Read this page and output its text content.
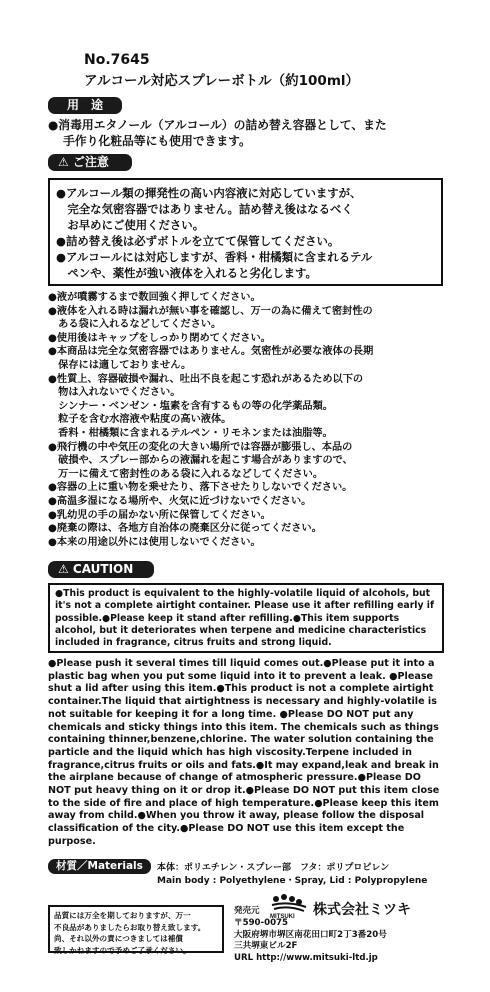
No.7645
アルコール対応スプレーボトル（約100ml）
用　途
●消毒用エタノール（アルコール）の詰め替え容器として、また
手作り化粧品等にも使用できます。
⚠ ご注意
●アルコール類の揮発性の高い内容液に対応していますが、
　完全な気密容器ではありません。詰め替え後はなるべく
　お早めにご使用ください。
●詰め替え後は必ずボトルを立てて保管してください。
●アルコールには対応しますが、香料・柑橘類に含まれるテル
　ペンや、薬性が強い液体を入れると劣化します。
●液が噴霧するまで数回強く押してください。
●液体を入れる時は漏れが無い事を確認し、万一の為に備えて密封性の
　ある袋に入れるなどしてください。
●使用後はキャップをしっかり閉めてください。
●本商品は完全な気密容器ではありません。気密性が必要な液体の長期
　保存には適しておりません。
●性質上、容器破損や漏れ、吐出不良を起こす恐れがあるため以下の
　物は入れないでください。
　シンナー・ベンゼン・塩素を含有するもの等の化学薬品類。
　粒子を含む水溶液や粘度の高い液体。
　香料・柑橘類に含まれるテルペン・リモネンまたは油脂等。
●飛行機の中や気圧の変化の大きい場所では容器が膨張し、本品の
　破損や、スプレー部からの液漏れを起こす場合がありますので、
　万一に備えて密封性のある袋に入れるなどしてください。
●容器の上に重い物を乗せたり、落下させたりしないでください。
●高温多湿になる場所や、火気に近づけないでください。
●乳幼児の手の届かない所に保管してください。
●廃棄の際は、各地方自治体の廃棄区分に従ってください。
●本来の用途以外には使用しないでください。
⚠ CAUTION
●This product is equivalent to the highly-volatile liquid of alcohols, but it's not a complete airtight container. Please use it after refilling early if possible.●Please keep it stand after refilling.●This item supports alcohol, but it deteriorates when terpene and medicine characteristics included in fragrance, citrus fruits and strong liquid.
●Please push it several times till liquid comes out.●Please put it into a plastic bag when you put some liquid into it to prevent a leak. ●Please shut a lid after using this item.●This product is not a complete airtight container.The liquid that airtightness is necessary and highly-volatile is not suitable for keeping it for a long time. ●Please DO NOT put any chemicals and sticky things into this item. The chemicals such as things containing thinner,benzene,chlorine. The water solution containing the particle and the liquid which has high viscosity.Terpene included in fragrance,citrus fruits or oils and fats.●It may expand,leak and break in the airplane because of change of atmospheric pressure.●Please DO NOT put heavy thing on it or drop it.●Please DO NOT put this item close to the side of fire and place of high temperature.●Please keep this item away from child.●When you throw it away, please follow the disposal classification of the city.●Please DO NOT use this item except the purpose.
材質／Materials	本体：ポリエチレン・スプレー部　フタ：ポリプロピレン
Main body : Polyethylene・Spray, Lid : Polypropylene
品質には万全を期しておりますが、万一
不良品がありましたらお取り替え致します。
尚、それ以外の責につきましては補償
致しかねますので予めご了承ください。
発売元
MITSUKI 株式会社ミツキ
〒590-0075
大阪府堺市堺区南花田口町2丁3番20号
三共堺東ビル2F
URL http://www.mitsuki-ltd.jp
